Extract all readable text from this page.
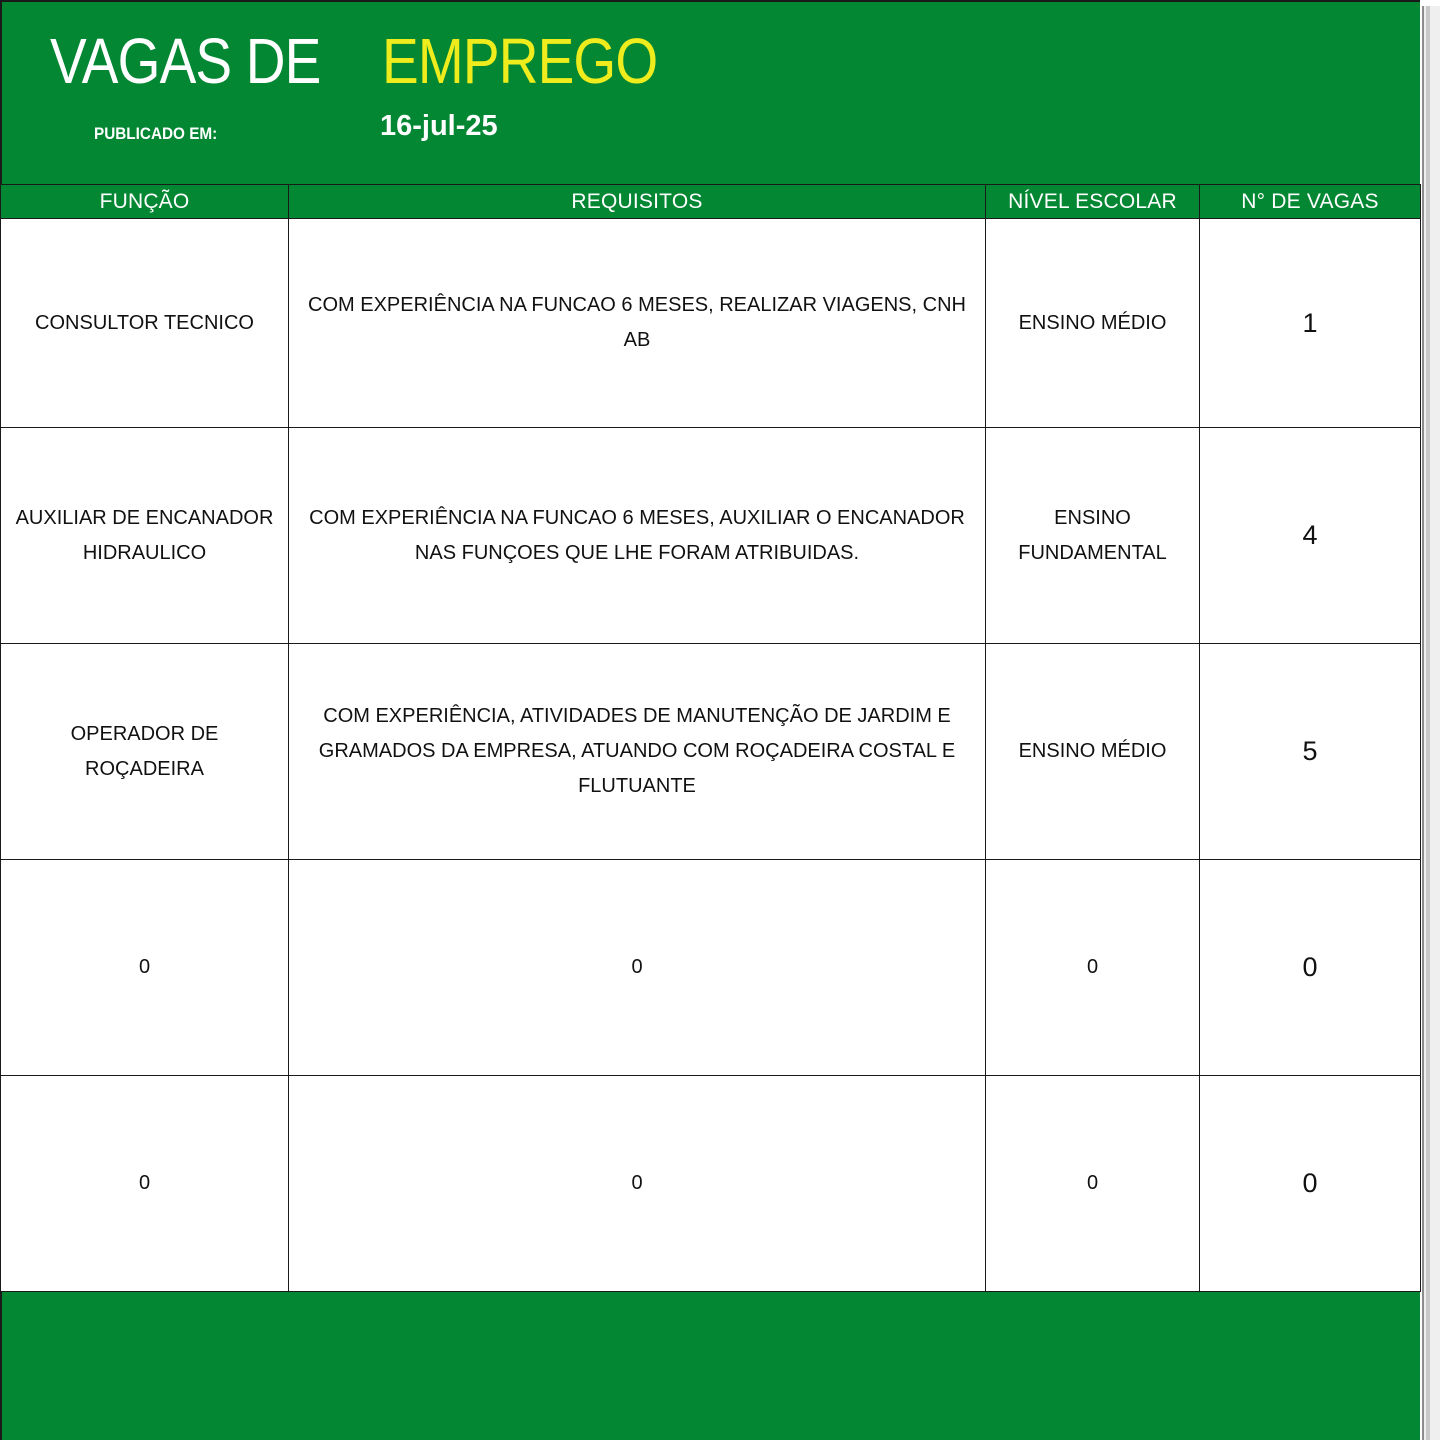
VAGAS DE EMPREGO
PUBLICADO EM:	16-jul-25
FUNÇÃO	REQUISITOS	NÍVEL ESCOLAR	N° DE VAGAS
CONSULTOR TECNICO	COM EXPERIÊNCIA NA FUNCAO 6 MESES, REALIZAR VIAGENS, CNH AB	ENSINO MÉDIO	1
AUXILIAR DE ENCANADOR HIDRAULICO	COM EXPERIÊNCIA NA FUNCAO 6 MESES, AUXILIAR O ENCANADOR NAS FUNÇOES QUE LHE FORAM ATRIBUIDAS.	ENSINO FUNDAMENTAL	4
OPERADOR DE ROÇADEIRA	COM EXPERIÊNCIA, ATIVIDADES DE MANUTENÇÃO DE JARDIM E GRAMADOS DA EMPRESA, ATUANDO COM ROÇADEIRA COSTAL E FLUTUANTE	ENSINO MÉDIO	5
0	0	0	0
0	0	0	0
